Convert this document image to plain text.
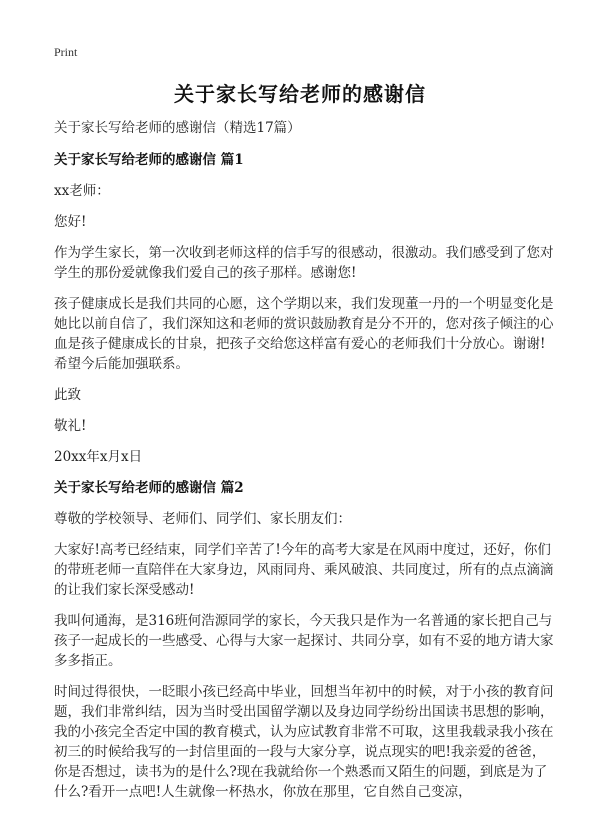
Print
关于家长写给老师的感谢信

关于家长写给老师的感谢信（精选17篇）

关于家长写给老师的感谢信 篇1

xx老师：

您好!

作为学生家长，第一次收到老师这样的信手写的很感动，很激动。我们感受到了您对学生的那份爱就像我们爱自己的孩子那样。感谢您!

孩子健康成长是我们共同的心愿，这个学期以来，我们发现董一丹的一个明显变化是她比以前自信了，我们深知这和老师的赏识鼓励教育是分不开的，您对孩子倾注的心血是孩子健康成长的甘泉，把孩子交给您这样富有爱心的老师我们十分放心。谢谢!希望今后能加强联系。

此致

敬礼!

20xx年x月x日

关于家长写给老师的感谢信 篇2

尊敬的学校领导、老师们、同学们、家长朋友们：

大家好!高考已经结束，同学们辛苦了!今年的高考大家是在风雨中度过，还好，你们的带班老师一直陪伴在大家身边，风雨同舟、乘风破浪、共同度过，所有的点点滴滴的让我们家长深受感动!

我叫何通海，是316班何浩源同学的家长，今天我只是作为一名普通的家长把自己与孩子一起成长的一些感受、心得与大家一起探讨、共同分享，如有不妥的地方请大家多多指正。

时间过得很快，一眨眼小孩已经高中毕业，回想当年初中的时候，对于小孩的教育问题，我们非常纠结，因为当时受出国留学潮以及身边同学纷纷出国读书思想的影响，我的小孩完全否定中国的教育模式，认为应试教育非常不可取，这里我载录我小孩在初三的时候给我写的一封信里面的一段与大家分享，说点现实的吧!我亲爱的爸爸，你是否想过，读书为的是什么?现在我就给你一个熟悉而又陌生的问题，到底是为了什么?看开一点吧!人生就像一杯热水，你放在那里，它自然自己变凉，
